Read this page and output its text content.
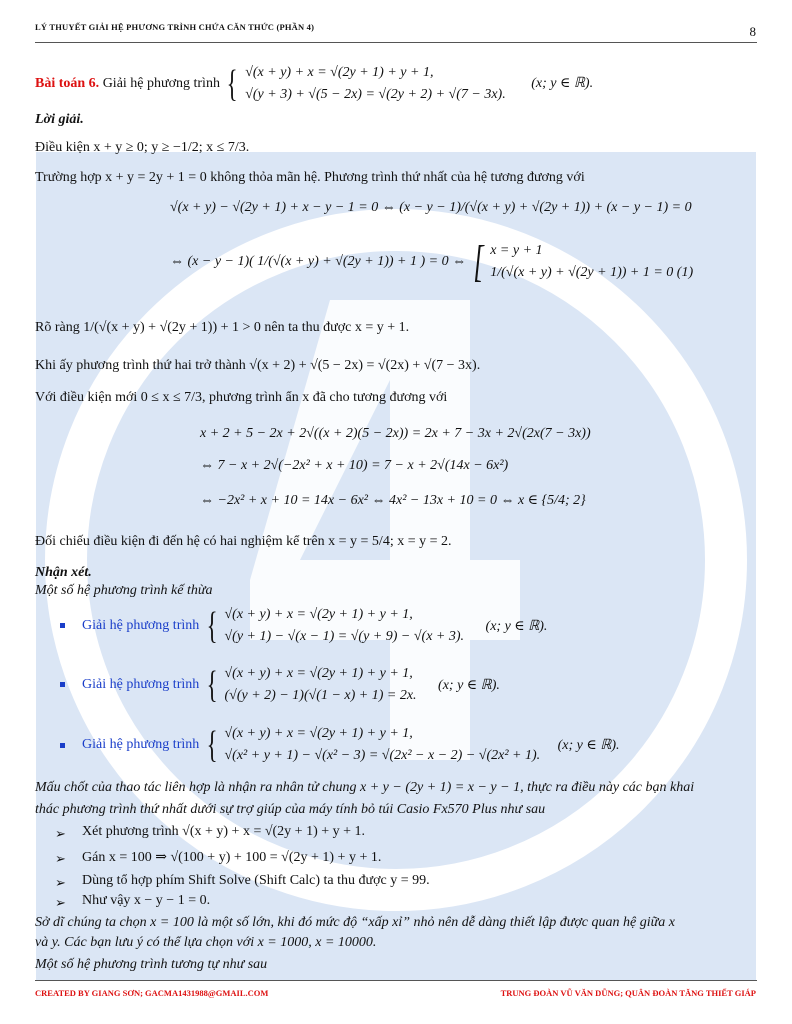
LÝ THUYẾT GIẢI HỆ PHƯƠNG TRÌNH CHỨA CĂN THỨC (PHẦN 4)	8
Bài toán 6. Giải hệ phương trình { √(x + y) + x = √(2y + 1) + y + 1,
√(y + 3) + √(5 − 2x) = √(2y + 2) + √(7 − 3x). (x; y ∈ ℝ).
Lời giải.
Điều kiện x + y ≥ 0; y ≥ −1/2; x ≤ 7/3.
Trường hợp x + y = 2y + 1 = 0 không thỏa mãn hệ. Phương trình thứ nhất của hệ tương đương với
√(x + y) − √(2y + 1) + x − y − 1 = 0 ⇔ (x − y − 1)/(√(x + y) + √(2y + 1)) + (x − y − 1) = 0
⇔ (x − y − 1)( 1/(√(x + y) + √(2y + 1)) + 1 ) = 0 ⇔ [ x = y + 1
1/(√(x + y) + √(2y + 1)) + 1 = 0 (1)
Rõ ràng 1/(√(x + y) + √(2y + 1)) + 1 > 0 nên ta thu được x = y + 1.
Khi ấy phương trình thứ hai trở thành √(x + 2) + √(5 − 2x) = √(2x) + √(7 − 3x).
Với điều kiện mới 0 ≤ x ≤ 7/3, phương trình ẩn x đã cho tương đương với
x + 2 + 5 − 2x + 2√((x + 2)(5 − 2x)) = 2x + 7 − 3x + 2√(2x(7 − 3x))
⇔ 7 − x + 2√(−2x² + x + 10) = 7 − x + 2√(14x − 6x²)
⇔ −2x² + x + 10 = 14x − 6x² ⇔ 4x² − 13x + 10 = 0 ⇔ x ∈ {5/4; 2}
Đối chiếu điều kiện đi đến hệ có hai nghiệm kể trên x = y = 5/4; x = y = 2.
Nhận xét.
Một số hệ phương trình kế thừa
Giải hệ phương trình { √(x + y) + x = √(2y + 1) + y + 1,
√(y + 1) − √(x − 1) = √(y + 9) − √(x + 3). (x; y ∈ ℝ).
Giải hệ phương trình { √(x + y) + x = √(2y + 1) + y + 1,
(√(y + 2) − 1)(√(1 − x) + 1) = 2x. (x; y ∈ ℝ).
Giải hệ phương trình { √(x + y) + x = √(2y + 1) + y + 1,
√(x² + y + 1) − √(x² − 3) = √(2x² − x − 2) − √(2x² + 1). (x; y ∈ ℝ).
Mấu chốt của thao tác liên hợp là nhận ra nhân tử chung x + y − (2y + 1) = x − y − 1, thực ra điều này các bạn khai
thác phương trình thứ nhất dưới sự trợ giúp của máy tính bỏ túi Casio Fx570 Plus như sau
➢ Xét phương trình √(x + y) + x = √(2y + 1) + y + 1.
➢ Gán x = 100 ⇒ √(100 + y) + 100 = √(2y + 1) + y + 1.
➢ Dùng tổ hợp phím Shift Solve (Shift Calc) ta thu được y = 99.
➢ Như vậy x − y − 1 = 0.
Sở dĩ chúng ta chọn x = 100 là một số lớn, khi đó mức độ “xấp xỉ” nhỏ nên dễ dàng thiết lập được quan hệ giữa x
và y. Các bạn lưu ý có thể lựa chọn với x = 1000, x = 10000.
Một số hệ phương trình tương tự như sau
CREATED BY GIANG SƠN; GACMA1431988@GMAIL.COM	TRUNG ĐOÀN VŨ VĂN DŨNG; QUÂN ĐOÀN TĂNG THIẾT GIÁP
